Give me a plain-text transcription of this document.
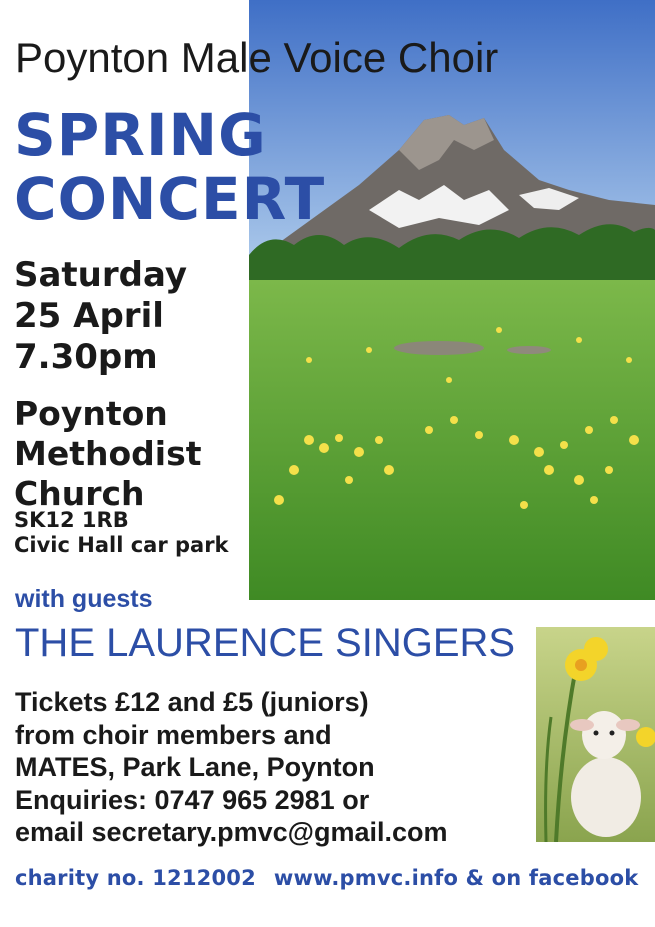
Poynton Male Voice Choir

SPRING
CONCERT
Saturday
25 April
7.30pm
Poynton
Methodist
Church
SK12 1RB
Civic Hall car park

with guests

THE LAURENCE SINGERS

Tickets £12 and £5 (juniors)
from choir members and
MATES, Park Lane, Poynton
Enquiries: 0747 965 2981 or
email secretary.pmvc@gmail.com

charity no. 1212002 www.pmvc.info & on facebook
